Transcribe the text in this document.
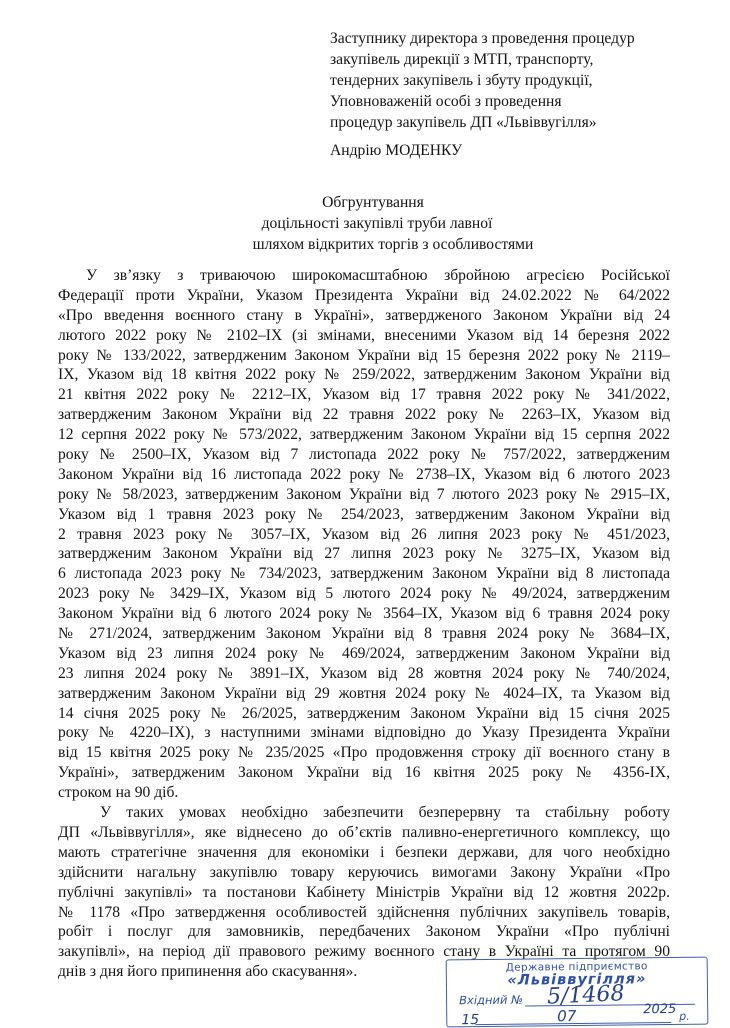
Заступнику директора з проведення процедур
закупівель дирекції з МТП, транспорту,
тендерних закупівель і збуту продукції,
Уповноваженій особі з проведення
процедур закупівель ДП «Львіввугілля»
Андрію МОДЕНКУ
Обгрунтування
доцільності закупівлі труби лавної
шляхом відкритих торгів з особливостями
У зв’язку з триваючою широкомасштабною збройною агресією Російської
Федерації проти України, Указом Президента України від 24.02.2022 № 64/2022
«Про введення воєнного стану в Україні», затвердженого Законом України від 24
лютого 2022 року № 2102–IX (зі змінами, внесеними Указом від 14 березня 2022
року № 133/2022, затвердженим Законом України від 15 березня 2022 року № 2119–
IX, Указом від 18 квітня 2022 року № 259/2022, затвердженим Законом України від
21 квітня 2022 року № 2212–IX, Указом від 17 травня 2022 року № 341/2022,
затвердженим Законом України від 22 травня 2022 року № 2263–IX, Указом від
12 серпня 2022 року № 573/2022, затвердженим Законом України від 15 серпня 2022
року № 2500–IX, Указом від 7 листопада 2022 року № 757/2022, затвердженим
Законом України від 16 листопада 2022 року № 2738–IX, Указом від 6 лютого 2023
року № 58/2023, затвердженим Законом України від 7 лютого 2023 року № 2915–IX,
Указом від 1 травня 2023 року № 254/2023, затвердженим Законом України від
2 травня 2023 року № 3057–IX, Указом від 26 липня 2023 року № 451/2023,
затвердженим Законом України від 27 липня 2023 року № 3275–IX, Указом від
6 листопада 2023 року № 734/2023, затвердженим Законом України від 8 листопада
2023 року № 3429–IX, Указом від 5 лютого 2024 року № 49/2024, затвердженим
Законом України від 6 лютого 2024 року № 3564–IX, Указом від 6 травня 2024 року
№ 271/2024, затвердженим Законом України від 8 травня 2024 року № 3684–IX,
Указом від 23 липня 2024 року № 469/2024, затвердженим Законом України від
23 липня 2024 року № 3891–IX, Указом від 28 жовтня 2024 року № 740/2024,
затвердженим Законом України від 29 жовтня 2024 року № 4024–IX, та Указом від
14 січня 2025 року № 26/2025, затвердженим Законом України від 15 січня 2025
року № 4220–IX), з наступними змінами відповідно до Указу Президента України
від 15 квітня 2025 року № 235/2025 «Про продовження строку дії воєнного стану в
Україні», затвердженим Законом України від 16 квітня 2025 року № 4356-IX,
строком на 90 діб.
У таких умовах необхідно забезпечити безперервну та стабільну роботу
ДП «Львіввугілля», яке віднесено до об’єктів паливно-енергетичного комплексу, що
мають стратегічне значення для економіки і безпеки держави, для чого необхідно
здійснити нагальну закупівлю товару керуючись вимогами Закону України «Про
публічні закупівлі» та постанови Кабінету Міністрів України від 12 жовтня 2022р.
№ 1178 «Про затвердження особливостей здійснення публічних закупівель товарів,
робіт і послуг для замовників, передбачених Законом України «Про публічні
закупівлі», на період дії правового режиму воєнного стану в Україні та протягом 90
днів з дня його припинення або скасування».	Державне підприємство
«Львіввугілля»
Вхідний № 5/1468
15	07	2025 р.
